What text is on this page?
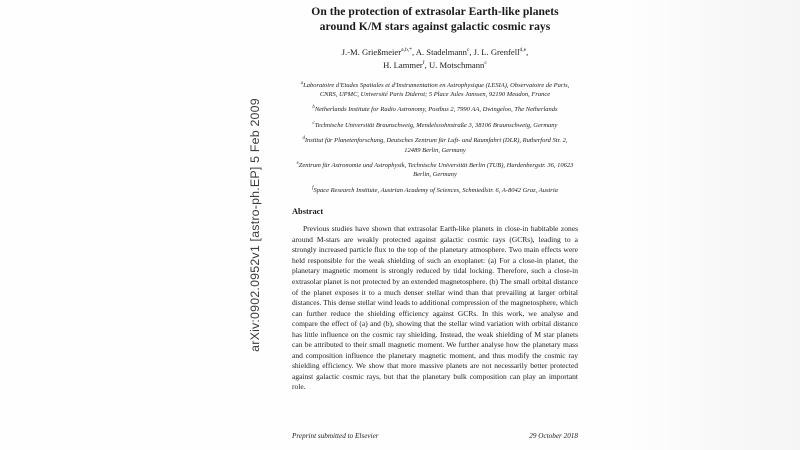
arXiv:0902.0952v1 [astro-ph.EP] 5 Feb 2009
On the protection of extrasolar Earth-like planets around K/M stars against galactic cosmic rays
J.-M. Grießmeier$^{a,b,*}$, A. Stadelmann$^c$, J. L. Grenfell$^{d,e}$,
H. Lammer$^f$, U. Motschmann$^c$

$^a$Laboratoire d'Etudes Spatiales et d'Instrumentation en Astrophysique (LESIA), Observatoire de Paris, CNRS, UPMC, Université Paris Diderot; 5 Place Jules Janssen, 92190 Meudon, France

$^b$Netherlands Institute for Radio Astronomy, Postbus 2, 7990 AA, Dwingeloo, The Netherlands

$^c$Technische Universität Braunschweig, Mendelssohnstraße 3, 38106 Braunschweig, Germany

$^d$Institut für Planetenforschung, Deutsches Zentrum für Luft- und Raumfahrt (DLR), Rutherford Str. 2, 12489 Berlin, Germany

$^e$Zentrum für Astronomie und Astrophysik, Technische Universität Berlin (TUB), Hardenbergstr. 36, 10623 Berlin, Germany

$^f$Space Research Institute, Austrian Academy of Sciences, Schmiedlstr. 6, A-8042 Graz, Austria

Abstract

Previous studies have shown that extrasolar Earth-like planets in close-in habitable zones around M-stars are weakly protected against galactic cosmic rays (GCRs), leading to a strongly increased particle flux to the top of the planetary atmosphere. Two main effects were held responsible for the weak shielding of such an exoplanet: (a) For a close-in planet, the planetary magnetic moment is strongly reduced by tidal locking. Therefore, such a close-in extrasolar planet is not protected by an extended magnetosphere. (b) The small orbital distance of the planet exposes it to a much denser stellar wind than that prevailing at larger orbital distances. This dense stellar wind leads to additional compression of the magnetosphere, which can further reduce the shielding efficiency against GCRs. In this work, we analyse and compare the effect of (a) and (b), showing that the stellar wind variation with orbital distance has little influence on the cosmic ray shielding. Instead, the weak shielding of M star planets can be attributed to their small magnetic moment. We further analyse how the planetary mass and composition influence the planetary magnetic moment, and thus modify the cosmic ray shielding efficiency. We show that more massive planets are not necessarily better protected against galactic cosmic rays, but that the planetary bulk composition can play an important role.

Preprint submitted to Elsevier	29 October 2018
